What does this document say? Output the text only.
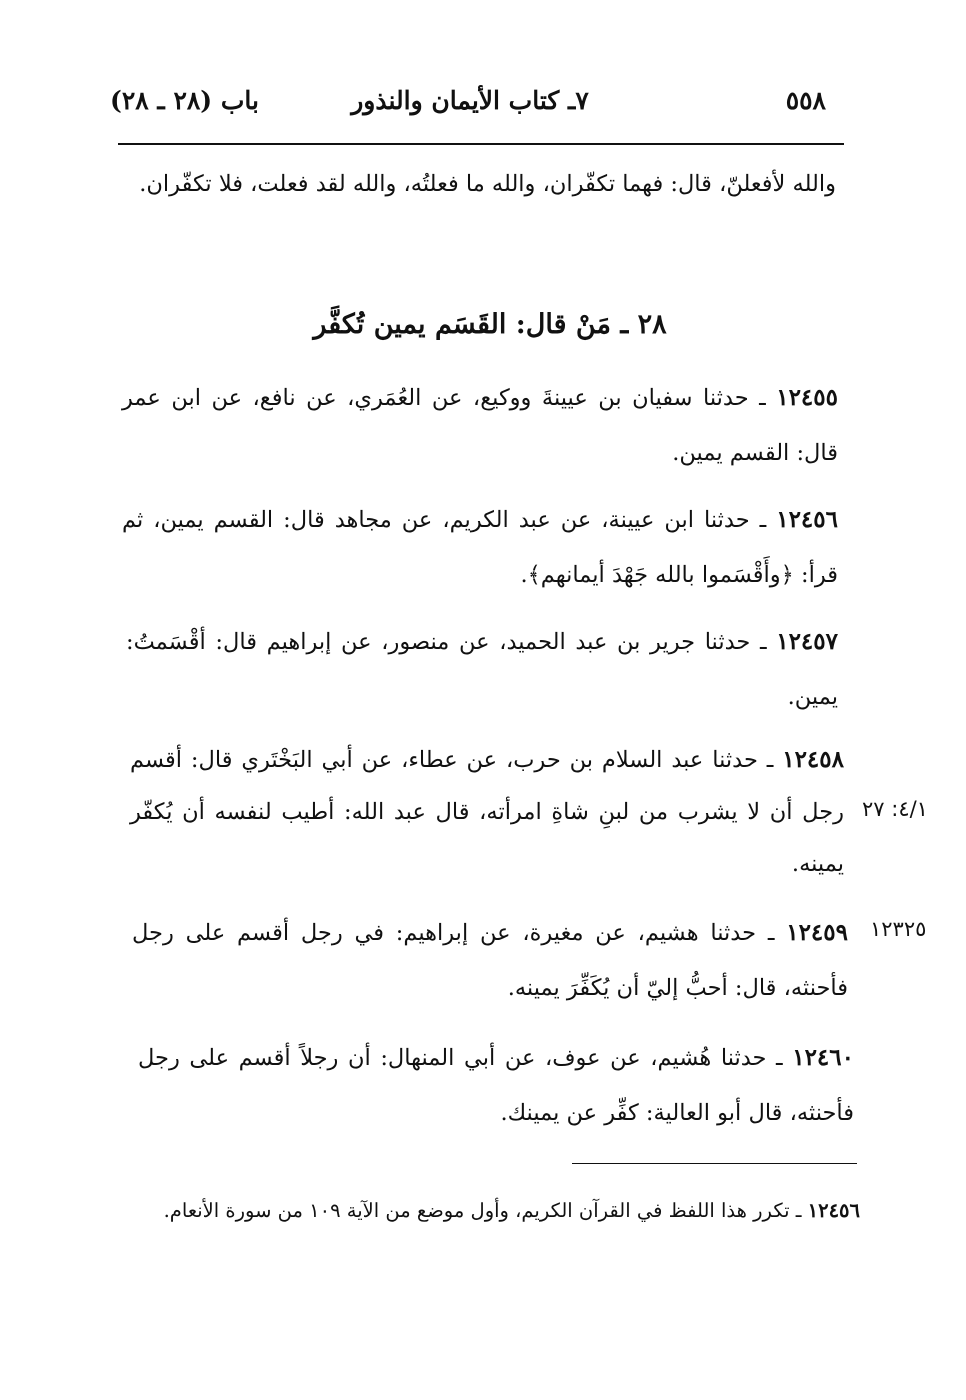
باب (٢٨ ـ ٢٨)	٧ـ كتاب الأيمان والنذور	٥٥٨

والله لأفعلنّ، قال: فهما تكفّران، والله ما فعلتُه، والله لقد فعلت، فلا تكفّران.

٢٨ ـ مَنْ قال: القَسَم يمين تُكفَّر

١٢٤٥٥ ـ حدثنا سفيان بن عيينةَ ووكيع، عن العُمَري، عن نافع، عن ابن عمر قال: القسم يمين.

١٢٤٥٦ ـ حدثنا ابن عيينة، عن عبد الكريم، عن مجاهد قال: القسم يمين، ثم قرأ: ﴿وأَقْسَموا بالله جَهْدَ أيمانهم﴾.

١٢٤٥٧ ـ حدثنا جرير بن عبد الحميد، عن منصور، عن إبراهيم قال: أقْسَمتُ: يمين.

١٢٤٥٨ ـ حدثنا عبد السلام بن حرب، عن عطاء، عن أبي البَخْتَري قال: أقسم رجل أن لا يشرب من لبنِ شاةِ امرأته، قال عبد الله: أطيب لنفسه أن يُكفّر يمينه.

٤/١: ٢٧

١٢٤٥٩ ـ حدثنا هشيم، عن مغيرة، عن إبراهيم: في رجل أقسم على رجل فأحنثه، قال: أحبُّ إليّ أن يُكَفِّرَ يمينه.

١٢٣٢٥

١٢٤٦٠ ـ حدثنا هُشيم، عن عوف، عن أبي المنهال: أن رجلاً أقسم على رجل فأحنثه، قال أبو العالية: كفِّر عن يمينك.

١٢٤٥٦ ـ تكرر هذا اللفظ في القرآن الكريم، وأول موضع من الآية ١٠٩ من سورة الأنعام.
